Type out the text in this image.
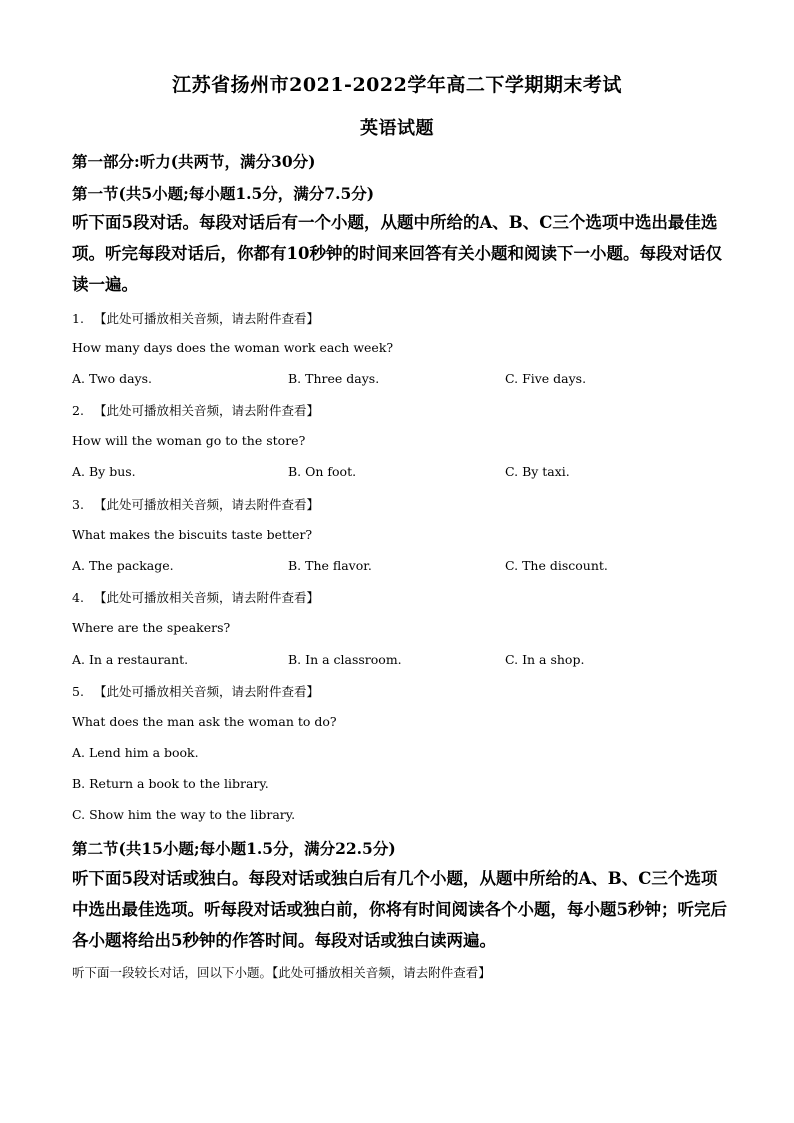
江苏省扬州市2021-2022学年高二下学期期末考试
英语试题
第一部分:听力(共两节，满分30分)
第一节(共5小题;每小题1.5分，满分7.5分)
听下面5段对话。每段对话后有一个小题，从题中所给的A、B、C三个选项中选出最佳选
项。听完每段对话后，你都有10秒钟的时间来回答有关小题和阅读下一小题。每段对话仅
读一遍。
1. 【此处可播放相关音频，请去附件查看】
How many days does the woman work each week?
A. Two days.	B. Three days.	C. Five days.
2. 【此处可播放相关音频，请去附件查看】
How will the woman go to the store?
A. By bus.	B. On foot.	C. By taxi.
3. 【此处可播放相关音频，请去附件查看】
What makes the biscuits taste better?
A. The package.	B. The flavor.	C. The discount.
4. 【此处可播放相关音频，请去附件查看】
Where are the speakers?
A. In a restaurant.	B. In a classroom.	C. In a shop.
5. 【此处可播放相关音频，请去附件查看】
What does the man ask the woman to do?
A. Lend him a book.
B. Return a book to the library.
C. Show him the way to the library.
第二节(共15小题;每小题1.5分，满分22.5分)
听下面5段对话或独白。每段对话或独白后有几个小题，从题中所给的A、B、C三个选项
中选出最佳选项。听每段对话或独白前，你将有时间阅读各个小题，每小题5秒钟；听完后
各小题将给出5秒钟的作答时间。每段对话或独白读两遍。
听下面一段较长对话，回以下小题。【此处可播放相关音频，请去附件查看】
